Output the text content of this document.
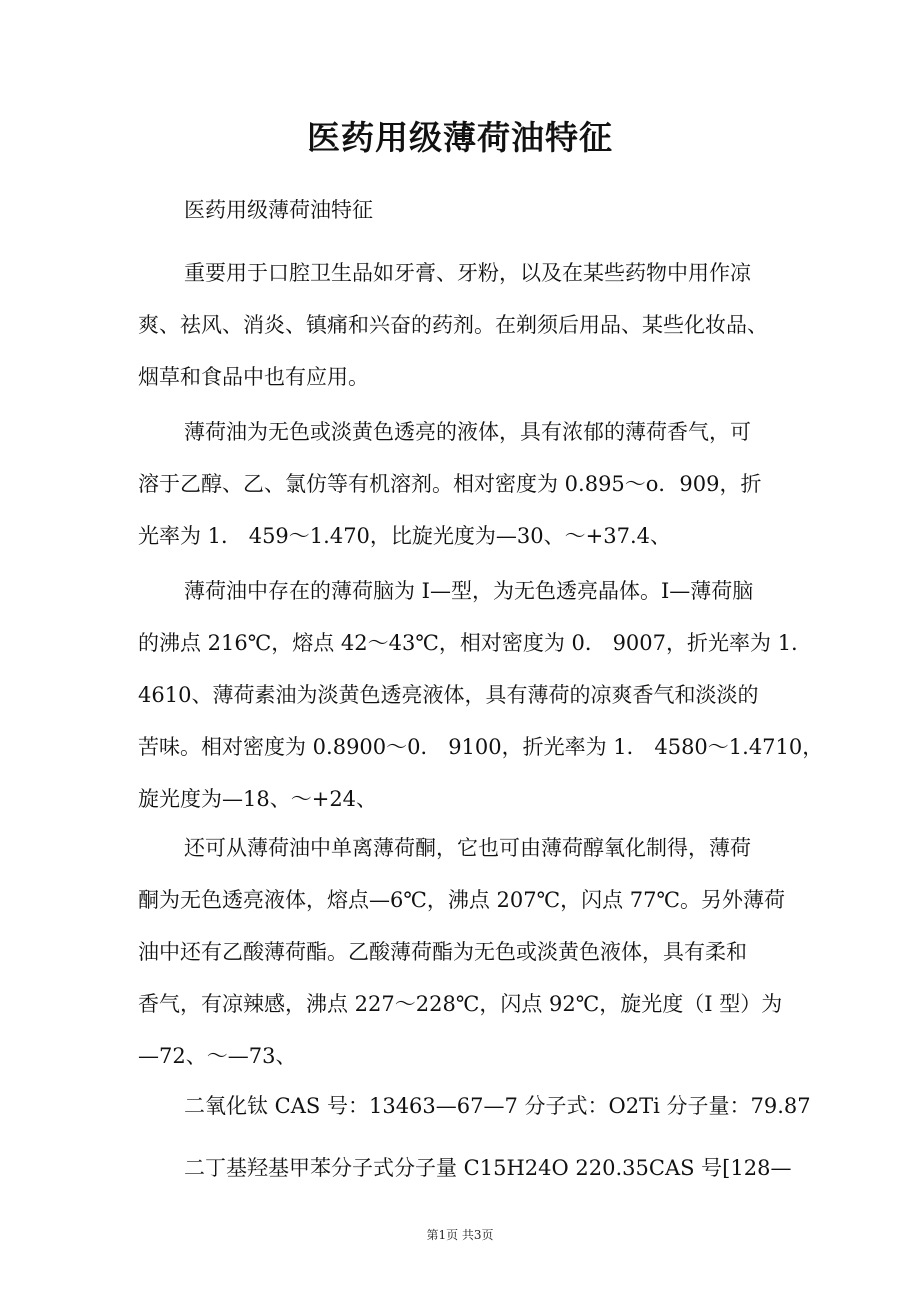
医药用级薄荷油特征
医药用级薄荷油特征
重要用于口腔卫生品如牙膏、牙粉，以及在某些药物中用作凉
爽、祛风、消炎、镇痛和兴奋的药剂。在剃须后用品、某些化妆品、
烟草和食品中也有应用。
薄荷油为无色或淡黄色透亮的液体，具有浓郁的薄荷香气，可
溶于乙醇、乙、氯仿等有机溶剂。相对密度为 0.895～o．909，折
光率为 1． 459～1.470，比旋光度为—30、～+37.4、
薄荷油中存在的薄荷脑为 I—型，为无色透亮晶体。I—薄荷脑
的沸点 216℃，熔点 42～43℃，相对密度为 0． 9007，折光率为 1.
4610、薄荷素油为淡黄色透亮液体，具有薄荷的凉爽香气和淡淡的
苦味。相对密度为 0.8900～0． 9100，折光率为 1． 4580～1.4710，
旋光度为—18、～+24、
还可从薄荷油中单离薄荷酮，它也可由薄荷醇氧化制得，薄荷
酮为无色透亮液体，熔点—6℃，沸点 207℃，闪点 77℃。另外薄荷
油中还有乙酸薄荷酯。乙酸薄荷酯为无色或淡黄色液体，具有柔和
香气，有凉辣感，沸点 227～228℃，闪点 92℃，旋光度（I 型）为
—72、～—73、
二氧化钛 CAS 号：13463—67—7 分子式：O2Ti 分子量：79.87
二丁基羟基甲苯分子式分子量 C15H24O 220.35CAS 号[128—
第1页 共3页
